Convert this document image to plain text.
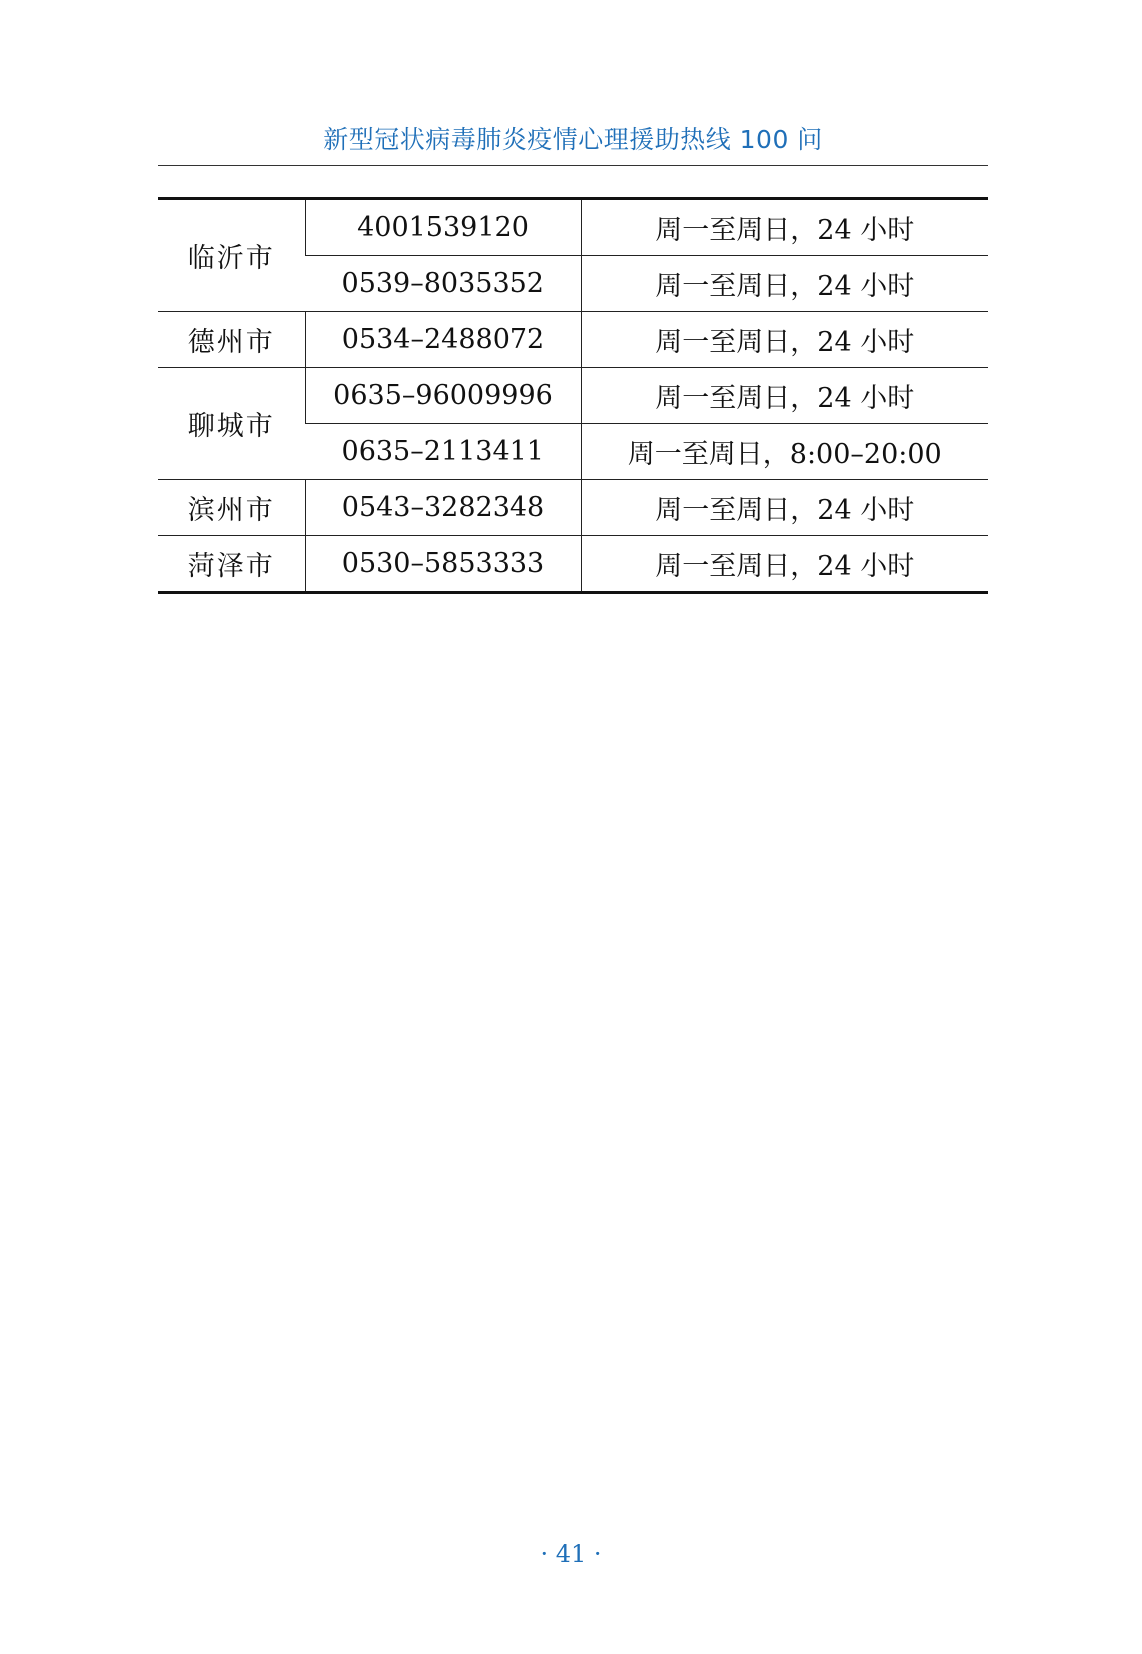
新型冠状病毒肺炎疫情心理援助热线 100 问
临沂市	4001539120	周一至周日，24 小时
	0539–8035352	周一至周日，24 小时
德州市	0534–2488072	周一至周日，24 小时
聊城市	0635–96009996	周一至周日，24 小时
	0635–2113411	周一至周日，8:00–20:00
滨州市	0543–3282348	周一至周日，24 小时
菏泽市	0530–5853333	周一至周日，24 小时
· 41 ·
